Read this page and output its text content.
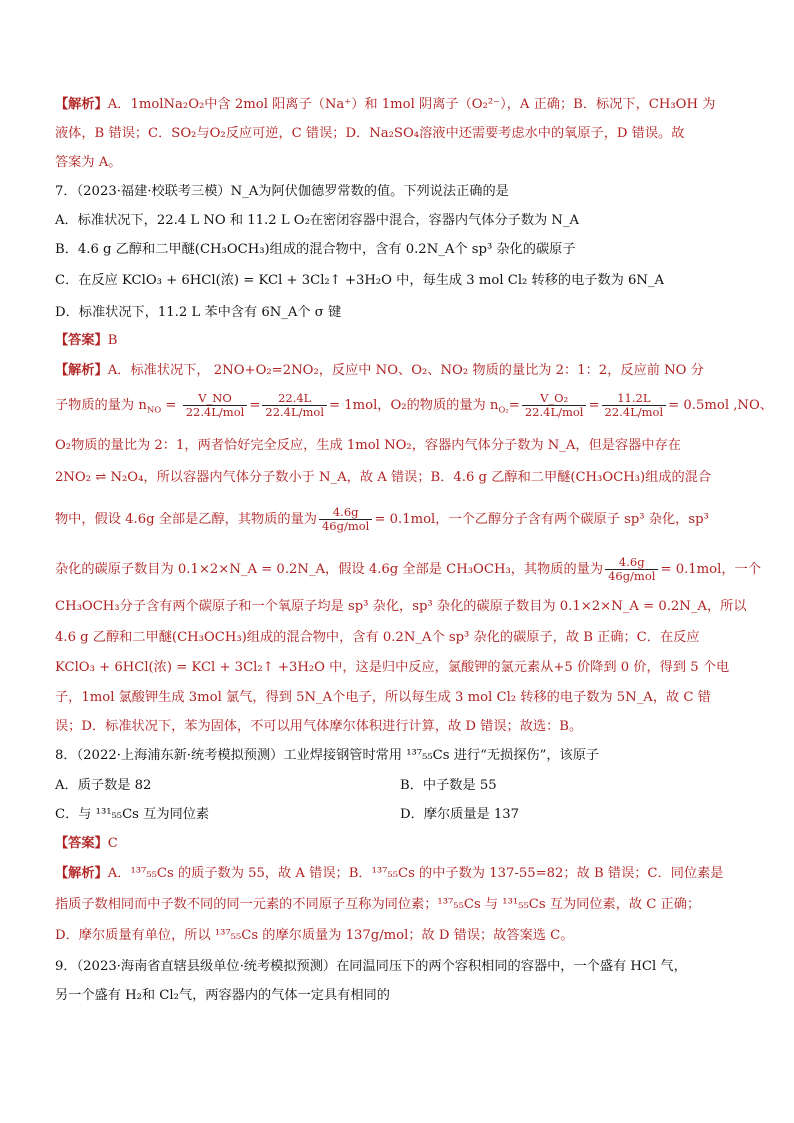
【解析】A．1molNa₂O₂中含 2mol 阳离子（Na⁺）和 1mol 阴离子（O₂²⁻），A 正确；B．标况下，CH₃OH 为
液体，B 错误；C．SO₂与O₂反应可逆，C 错误；D．Na₂SO₄溶液中还需要考虑水中的氧原子，D 错误。故
答案为 A。
7．（2023·福建·校联考三模）N_A为阿伏伽德罗常数的值。下列说法正确的是
A．标准状况下，22.4 L NO 和 11.2 L O₂在密闭容器中混合，容器内气体分子数为 N_A
B．4.6 g 乙醇和二甲醚(CH₃OCH₃)组成的混合物中，含有 0.2N_A个 sp³ 杂化的碳原子
C．在反应 KClO₃ + 6HCl(浓) = KCl + 3Cl₂↑ +3H₂O 中，每生成 3 mol Cl₂ 转移的电子数为 6N_A
D．标准状况下，11.2 L 苯中含有 6N_A个 σ 键
【答案】B
【解析】A．标准状况下， 2NO+O₂=2NO₂，反应中 NO、O₂、NO₂ 物质的量比为 2：1：2，反应前 NO 分
子物质的量为 $n_{NO} = \frac{V\_NO}{\text{22.4L/mol}} = \frac{22.4L}{\text{22.4L/mol}} = 1mol$，O₂的物质的量为 $n_{O_2}= \frac{\text{V\_O₂}}{\text{22.4L/mol}} = \frac{11.2L}{\text{22.4L/mol}} = 0.5mol$ ,NO、
O₂物质的量比为 2：1，两者恰好完全反应，生成 1mol NO₂，容器内气体分子数为 N_A，但是容器中存在
2NO₂ ⇌ N₂O₄，所以容器内气体分子数小于 N_A，故 A 错误；B．4.6 g 乙醇和二甲醚(CH₃OCH₃)组成的混合
物中，假设 4.6g 全部是乙醇，其物质的量为 $\frac{4.6g}{\text{46g/mol}} = 0.1mol$，一个乙醇分子含有两个碳原子 sp³ 杂化，sp³
杂化的碳原子数目为 0.1×2×N_A = 0.2N_A，假设 4.6g 全部是 CH₃OCH₃，其物质的量为 $\frac{4.6g}{\text{46g/mol}} = 0.1mol$，一个
CH₃OCH₃分子含有两个碳原子和一个氧原子均是 sp³ 杂化，sp³ 杂化的碳原子数目为 0.1×2×N_A = 0.2N_A，所以
4.6 g 乙醇和二甲醚(CH₃OCH₃)组成的混合物中，含有 0.2N_A个 sp³ 杂化的碳原子，故 B 正确；C．在反应
KClO₃ + 6HCl(浓) = KCl + 3Cl₂↑ +3H₂O 中，这是归中反应，氯酸钾的氯元素从+5 价降到 0 价，得到 5 个电
子，1mol 氯酸钾生成 3mol 氯气，得到 5N_A个电子，所以每生成 3 mol Cl₂ 转移的电子数为 5N_A，故 C 错
误；D．标准状况下，苯为固体，不可以用气体摩尔体积进行计算，故 D 错误；故选：B。
8．（2022·上海浦东新·统考模拟预测）工业焊接钢管时常用 ¹³⁷₅₅Cs 进行“无损探伤”，该原子
A．质子数是 82	B．中子数是 55
C．与 ¹³¹₅₅Cs 互为同位素	D．摩尔质量是 137
【答案】C
【解析】A．¹³⁷₅₅Cs 的质子数为 55，故 A 错误；B．¹³⁷₅₅Cs 的中子数为 137-55=82；故 B 错误；C．同位素是
指质子数相同而中子数不同的同一元素的不同原子互称为同位素；¹³⁷₅₅Cs 与 ¹³¹₅₅Cs 互为同位素，故 C 正确；
D．摩尔质量有单位，所以 ¹³⁷₅₅Cs 的摩尔质量为 137g/mol；故 D 错误；故答案选 C。
9．（2023·海南省直辖县级单位·统考模拟预测）在同温同压下的两个容积相同的容器中，一个盛有 HCl 气，
另一个盛有 H₂和 Cl₂气，两容器内的气体一定具有相同的
